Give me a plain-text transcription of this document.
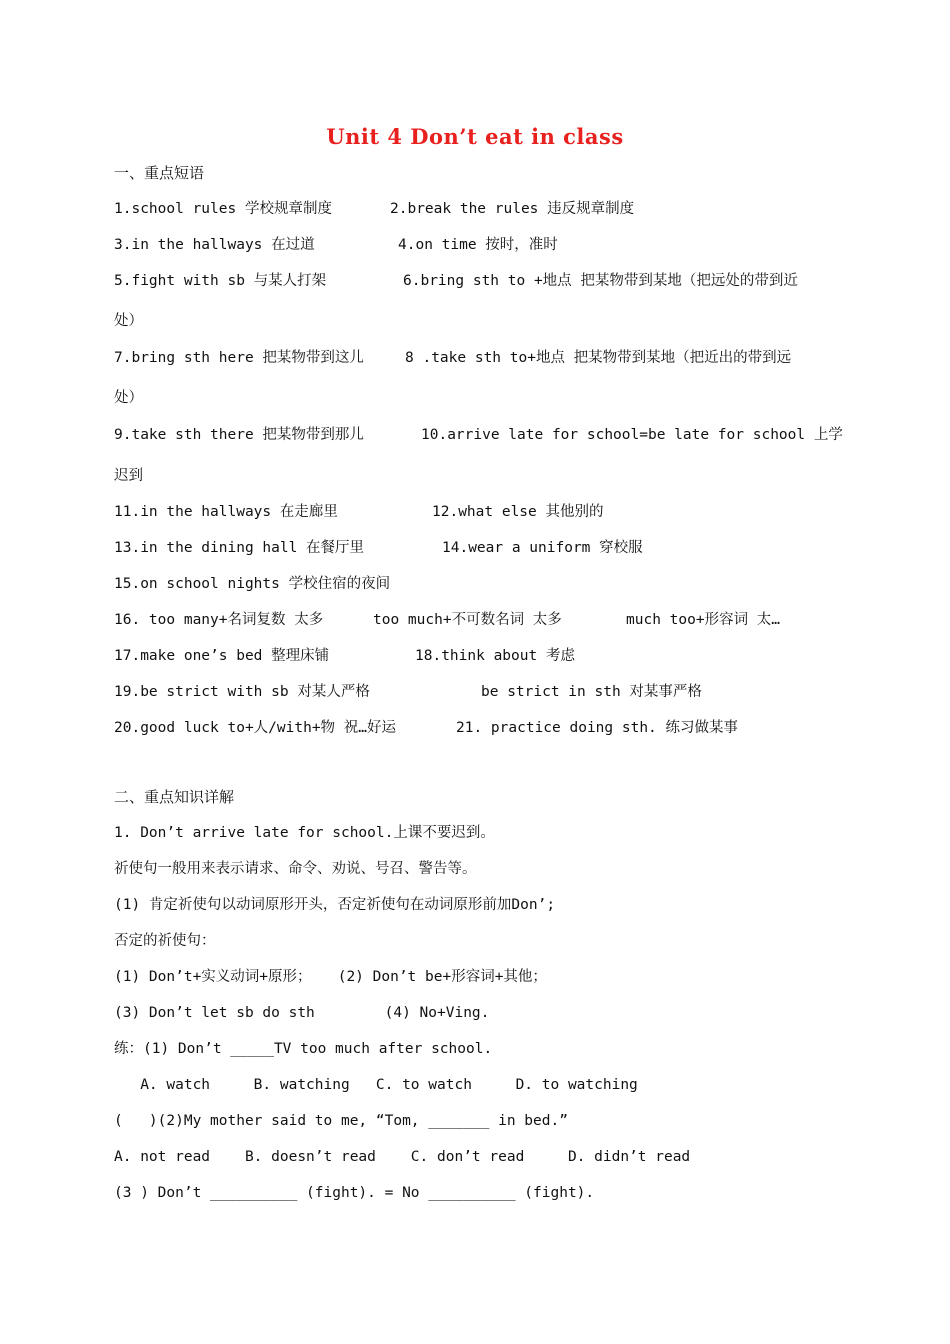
Unit 4 Don’t eat in class
一、重点短语
1.school rules 学校规章制度	2.break the rules 违反规章制度
3.in the hallways 在过道	4.on time 按时，准时
5.fight with sb 与某人打架	6.bring sth to +地点 把某物带到某地（把远处的带到近
处）
7.bring sth here 把某物带到这儿	8 .take sth to+地点 把某物带到某地（把近出的带到远
处）
9.take sth there 把某物带到那儿	10.arrive late for school=be late for school 上学
迟到
11.in the hallways 在走廊里	12.what else 其他别的
13.in the dining hall 在餐厅里	14.wear a uniform 穿校服
15.on school nights 学校住宿的夜间
16. too many+名词复数 太多	too much+不可数名词 太多	much too+形容词 太…
17.make one’s bed 整理床铺	18.think about 考虑
19.be strict with sb 对某人严格	be strict in sth 对某事严格
20.good luck to+人/with+物 祝…好运	21. practice doing sth. 练习做某事
二、重点知识详解
1. Don’t arrive late for school.上课不要迟到。
祈使句一般用来表示请求、命令、劝说、号召、警告等。
(1) 肯定祈使句以动词原形开头，否定祈使句在动词原形前加Don’;
否定的祈使句：
(1) Don’t+实义动词+原形；   (2) Don’t be+形容词+其他；
(3) Don’t let sb do sth        (4) No+Ving.
练：(1) Don’t _____TV too much after school.
A. watch     B. watching   C. to watch     D. to watching
(   )(2)My mother said to me, “Tom, _______ in bed.”
A. not read    B. doesn’t read    C. don’t read     D. didn’t read
(3 ) Don’t __________ (fight). = No __________ (fight).
